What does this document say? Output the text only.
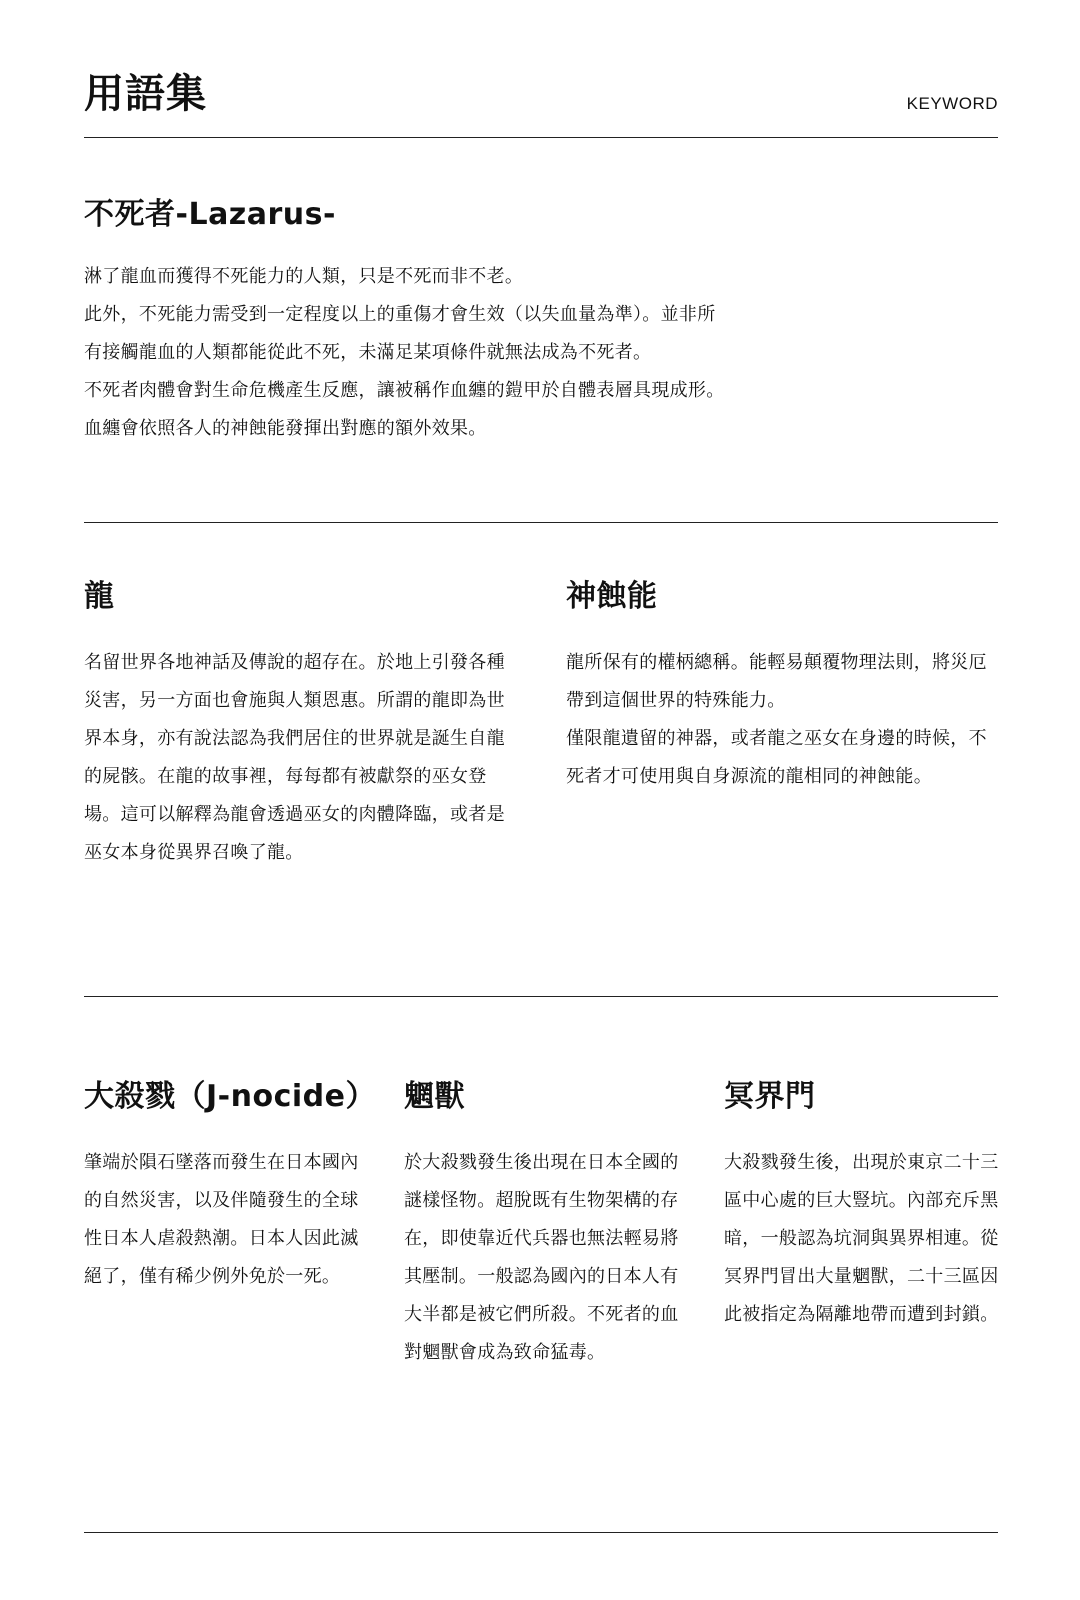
用語集	KEYWORD
不死者-Lazarus-

淋了龍血而獲得不死能力的人類，只是不死而非不老。

此外，不死能力需受到一定程度以上的重傷才會生效（以失血量為準）。並非所

有接觸龍血的人類都能從此不死，未滿足某項條件就無法成為不死者。

不死者肉體會對生命危機產生反應，讓被稱作血纏的鎧甲於自體表層具現成形。

血纏會依照各人的神蝕能發揮出對應的額外效果。

龍

名留世界各地神話及傳說的超存在。於地上引發各種災害，另一方面也會施與人類恩惠。所謂的龍即為世界本身，亦有說法認為我們居住的世界就是誕生自龍的屍骸。在龍的故事裡，每每都有被獻祭的巫女登場。這可以解釋為龍會透過巫女的肉體降臨，或者是巫女本身從異界召喚了龍。

神蝕能

龍所保有的權柄總稱。能輕易顛覆物理法則，將災厄帶到這個世界的特殊能力。

僅限龍遺留的神器，或者龍之巫女在身邊的時候，不死者才可使用與自身源流的龍相同的神蝕能。

大殺戮（J-nocide）

肇端於隕石墜落而發生在日本國內的自然災害，以及伴隨發生的全球性日本人虐殺熱潮。日本人因此滅絕了，僅有稀少例外免於一死。

魍獸

於大殺戮發生後出現在日本全國的謎樣怪物。超脫既有生物架構的存在，即使靠近代兵器也無法輕易將其壓制。一般認為國內的日本人有大半都是被它們所殺。不死者的血對魍獸會成為致命猛毒。

冥界門

大殺戮發生後，出現於東京二十三區中心處的巨大豎坑。內部充斥黑暗，一般認為坑洞與異界相連。從冥界門冒出大量魍獸，二十三區因此被指定為隔離地帶而遭到封鎖。
